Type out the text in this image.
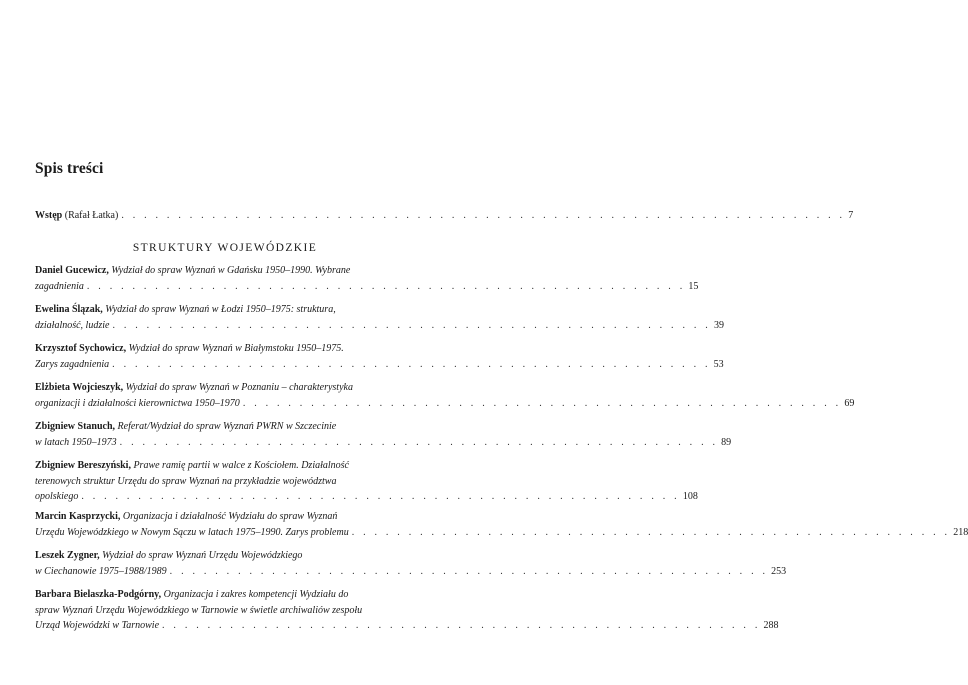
Spis treści
Wstęp (Rafał Łatka) . . . . . . . . . . . . . . . . . . . . . . . . . . . . . . . . . . . . . . . . . . . . . . . . . . . . . . . . . . . . . . . . 7
STRUKTURY WOJEWÓDZKIE
Daniel Gucewicz, Wydział do spraw Wyznań w Gdańsku 1950–1990. Wybrane
zagadnienia . . . . . . . . . . . . . . . . . . . . . . . . . . . . . . . . . . . . . . . . . . . . . . . . . . . . . 15
Ewelina Ślązak, Wydział do spraw Wyznań w Łodzi 1950–1975: struktura,
działalność, ludzie . . . . . . . . . . . . . . . . . . . . . . . . . . . . . . . . . . . . . . . . . . . . . . . . . . . . . 39
Krzysztof Sychowicz, Wydział do spraw Wyznań w Białymstoku 1950–1975.
Zarys zagadnienia . . . . . . . . . . . . . . . . . . . . . . . . . . . . . . . . . . . . . . . . . . . . . . . . . . . . . 53
Elżbieta Wojcieszyk, Wydział do spraw Wyznań w Poznaniu – charakterystyka
organizacji i działalności kierownictwa 1950–1970 . . . . . . . . . . . . . . . . . . . . . . . . . . . . . . . . . . . . . . . . . . . . . . . . . . . . . 69
Zbigniew Stanuch, Referat/Wydział do spraw Wyznań PWRN w Szczecinie
w latach 1950–1973 . . . . . . . . . . . . . . . . . . . . . . . . . . . . . . . . . . . . . . . . . . . . . . . . . . . . . 89
Zbigniew Bereszyński, Prawe ramię partii w walce z Kościołem. Działalność
terenowych struktur Urzędu do spraw Wyznań na przykładzie województwa
opolskiego . . . . . . . . . . . . . . . . . . . . . . . . . . . . . . . . . . . . . . . . . . . . . . . . . . . . . 108
Marcin Kasprzycki, Organizacja i działalność Wydziału do spraw Wyznań
Urzędu Wojewódzkiego w Nowym Sączu w latach 1975–1990. Zarys problemu . . . . . . . . . . . . . . . . . . . . . . . . . . . . . . . . . . . . . . . . . . . . . . . . . . . . . 218
Leszek Zygner, Wydział do spraw Wyznań Urzędu Wojewódzkiego
w Ciechanowie 1975–1988/1989 . . . . . . . . . . . . . . . . . . . . . . . . . . . . . . . . . . . . . . . . . . . . . . . . . . . . . 253
Barbara Bielaszka-Podgórny, Organizacja i zakres kompetencji Wydziału do
spraw Wyznań Urzędu Wojewódzkiego w Tarnowie w świetle archiwaliów zespołu
Urząd Wojewódzki w Tarnowie . . . . . . . . . . . . . . . . . . . . . . . . . . . . . . . . . . . . . . . . . . . . . . . . . . . . . 288
